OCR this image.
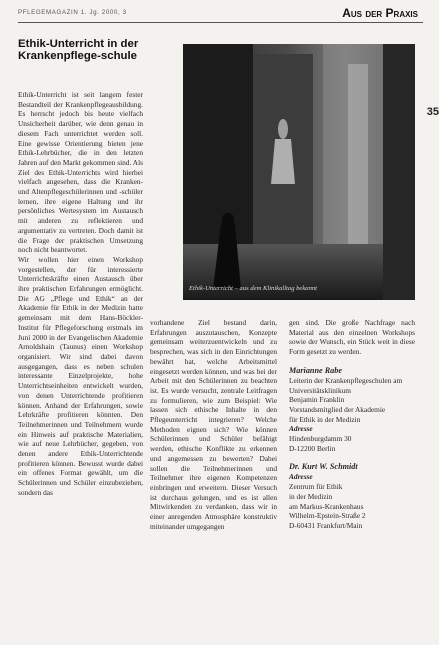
PFLEGEMAGAZIN 1. Jg. 2000, 3	Aus der Praxis
35
Ethik-Unterricht in der Krankenpflege-schule

Ethik-Unterricht ist seit langem fester Bestandteil der Krankenpflegeausbildung. Es herrscht jedoch bis heute vielfach Unsicherheit darüber, wie denn genau in diesem Fach unterrichtet werden soll. Eine gewisse Orientierung bieten jene Ethik-Lehrbücher, die in den letzten Jahren auf den Markt gekommen sind. Als Ziel des Ethik-Unterrichts wird hierbei vielfach angesehen, dass die Kranken- und Altenpflegeschülerinnen und -schüler lernen, ihre eigene Haltung und ihr persönliches Wertesystem im Austausch mit anderen zu reflektieren und argumentativ zu vertreten. Doch damit ist die Frage der praktischen Umsetzung noch nicht beantwortet.

Wir wollen hier einen Workshop vorgestellen, der für interessierte Unterrichtskräfte einen Austausch über ihre praktischen Erfahrungen ermöglicht. Die AG „Pflege und Ethik“ an der Akademie für Ethik in der Medizin hatte gemeinsam mit dem Hans-Böckler-Institut für Pflegeforschung erstmals im Juni 2000 in der Evangelischen Akademie Arnoldshain (Taunus) einen Workshop organisiert. Wir sind dabei davon ausgegangen, dass es neben schulen interessante Einzelprojekte, hohe Unterrichtseinheiten entwickelt wurden, von denen Unterrichtende profitieren können. Anhand der Erfahrungen, sowie Lehrkräfte profitieren könnten. Den Teilnehmerinnen und Teilnehmern wurde ein Hinweis auf praktische Materialien, wie auf neue Lehrbücher, gegeben, von denen andere Ethik-Unterrichtende profitieren können. Bewusst wurde dabei ein offenes Format gewählt, um die Schülerinnen und Schüler einzubeziehen, sondern das

Ethik-Unterricht – aus dem Klinikalltag bekannt

vorhandene Ziel bestand darin, Erfahrungen auszutauschen, Konzepte gemeinsam weiterzuentwickeln und zu besprechen, was sich in den Einrichtungen bewährt hat, welche Arbeitsmittel eingesetzt werden können, und was bei der Arbeit mit den Schülerinnen zu beachten ist. Es wurde versucht, zentrale Leitfragen zu formulieren, wie zum Beispiel: Wie lassen sich ethische Inhalte in den Pflegeunterricht integrieren? Welche Methoden eignen sich? Wie können Schülerinnen und Schüler befähigt werden, ethische Konflikte zu erkennen und angemessen zu bewerten? Dabei sollen die Teilnehmerinnen und Teilnehmer ihre eigenen Kompetenzen einbringen und erweitern. Dieser Versuch ist durchaus gelungen, und es ist allen Mitwirkenden zu verdanken, dass wir in einer anregenden Atmosphäre konstruktiv miteinander umgegangen

gen sind. Die große Nachfrage nach Material aus den einzelnen Workshops sowie der Wunsch, ein Stück weit in diese Form gesetzt zu werden.

Marianne Rabe
Leiterin der Krankenpflegeschulen am Universitätsklinikum
Benjamin Franklin
Vorstandsmitglied der Akademie
für Ethik in der Medizin
Adresse
Hindenburgdamm 30
D-12200 Berlin
Dr. Kurt W. Schmidt
Adresse
Zentrum für Ethik
in der Medizin
am Markus-Krankenhaus
Wilhelm-Epstein-Straße 2
D-60431 Frankfurt/Main
